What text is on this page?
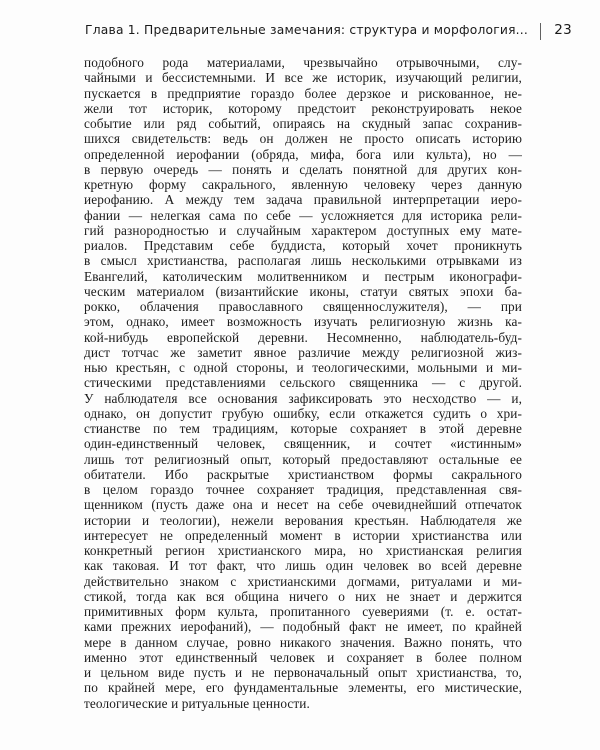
Глава 1. Предварительные замечания: структура и морфология... | 23
подобного рода материалами, чрезвычайно отрывочными, слу-
чайными и бессистемными. И все же историк, изучающий религии,
пускается в предприятие гораздо более дерзкое и рискованное, не-
жели тот историк, которому предстоит реконструировать некое
событие или ряд событий, опираясь на скудный запас сохранив-
шихся свидетельств: ведь он должен не просто описать историю
определенной иерофании (обряда, мифа, бога или культа), но —
в первую очередь — понять и сделать понятной для других кон-
кретную форму сакрального, явленную человеку через данную
иерофанию. А между тем задача правильной интерпретации иеро-
фании — нелегкая сама по себе — усложняется для историка рели-
гий разнородностью и случайным характером доступных ему мате-
риалов. Представим себе буддиста, который хочет проникнуть
в смысл христианства, располагая лишь несколькими отрывками из
Евангелий, католическим молитвенником и пестрым иконографи-
ческим материалом (византийские иконы, статуи святых эпохи ба-
рокко, облачения православного священнослужителя), — при
этом, однако, имеет возможность изучать религиозную жизнь ка-
кой-нибудь европейской деревни. Несомненно, наблюдатель-буд-
дист тотчас же заметит явное различие между религиозной жиз-
нью крестьян, с одной стороны, и теологическими, мольными и ми-
стическими представлениями сельского священника — с другой.
У наблюдателя все основания зафиксировать это несходство — и,
однако, он допустит грубую ошибку, если откажется судить о хри-
стианстве по тем традициям, которые сохраняет в этой деревне
один-единственный человек, священник, и сочтет «истинным»
лишь тот религиозный опыт, который предоставляют остальные ее
обитатели. Ибо раскрытые христианством формы сакрального
в целом гораздо точнее сохраняет традиция, представленная свя-
щенником (пусть даже она и несет на себе очевиднейший отпечаток
истории и теологии), нежели верования крестьян. Наблюдателя же
интересует не определенный момент в истории христианства или
конкретный регион христианского мира, но христианская религия
как таковая. И тот факт, что лишь один человек во всей деревне
действительно знаком с христианскими догмами, ритуалами и ми-
стикой, тогда как вся община ничего о них не знает и держится
примитивных форм культа, пропитанного суевериями (т. е. остат-
ками прежних иерофаний), — подобный факт не имеет, по крайней
мере в данном случае, ровно никакого значения. Важно понять, что
именно этот единственный человек и сохраняет в более полном
и цельном виде пусть и не первоначальный опыт христианства, то,
по крайней мере, его фундаментальные элементы, его мистические,
теологические и ритуальные ценности.
